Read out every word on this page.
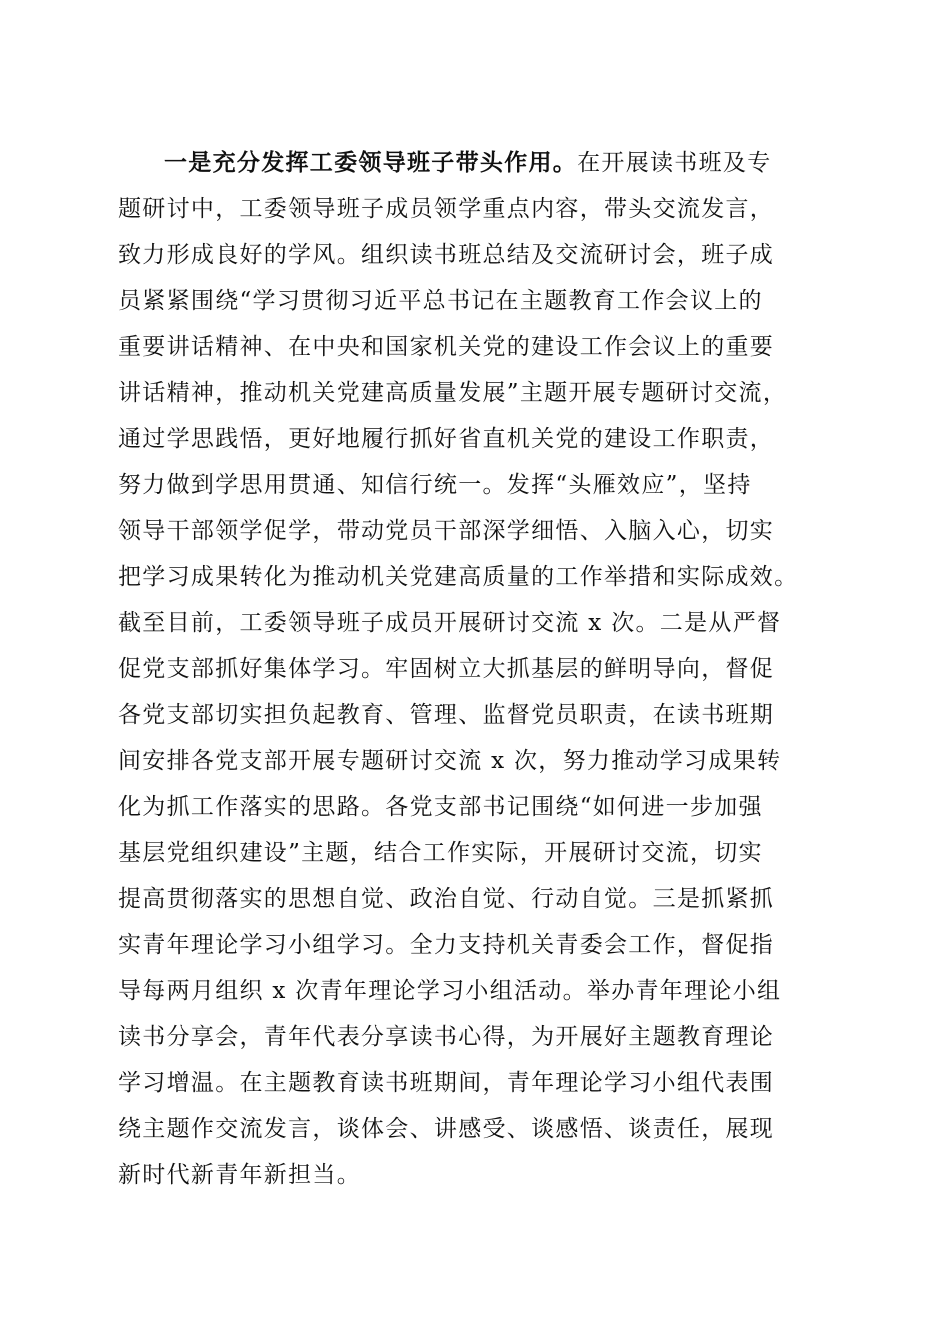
一是充分发挥工委领导班子带头作用。在开展读书班及专
题研讨中，工委领导班子成员领学重点内容，带头交流发言，
致力形成良好的学风。组织读书班总结及交流研讨会，班子成
员紧紧围绕“学习贯彻习近平总书记在主题教育工作会议上的
重要讲话精神、在中央和国家机关党的建设工作会议上的重要
讲话精神，推动机关党建高质量发展”主题开展专题研讨交流，
通过学思践悟，更好地履行抓好省直机关党的建设工作职责，
努力做到学思用贯通、知信行统一。发挥“头雁效应”，坚持
领导干部领学促学，带动党员干部深学细悟、入脑入心，切实
把学习成果转化为推动机关党建高质量的工作举措和实际成效。
截至目前，工委领导班子成员开展研讨交流 x 次。二是从严督
促党支部抓好集体学习。牢固树立大抓基层的鲜明导向，督促
各党支部切实担负起教育、管理、监督党员职责，在读书班期
间安排各党支部开展专题研讨交流 x 次，努力推动学习成果转
化为抓工作落实的思路。各党支部书记围绕“如何进一步加强
基层党组织建设”主题，结合工作实际，开展研讨交流，切实
提高贯彻落实的思想自觉、政治自觉、行动自觉。三是抓紧抓
实青年理论学习小组学习。全力支持机关青委会工作，督促指
导每两月组织 x 次青年理论学习小组活动。举办青年理论小组
读书分享会，青年代表分享读书心得，为开展好主题教育理论
学习增温。在主题教育读书班期间，青年理论学习小组代表围
绕主题作交流发言，谈体会、讲感受、谈感悟、谈责任，展现
新时代新青年新担当。
